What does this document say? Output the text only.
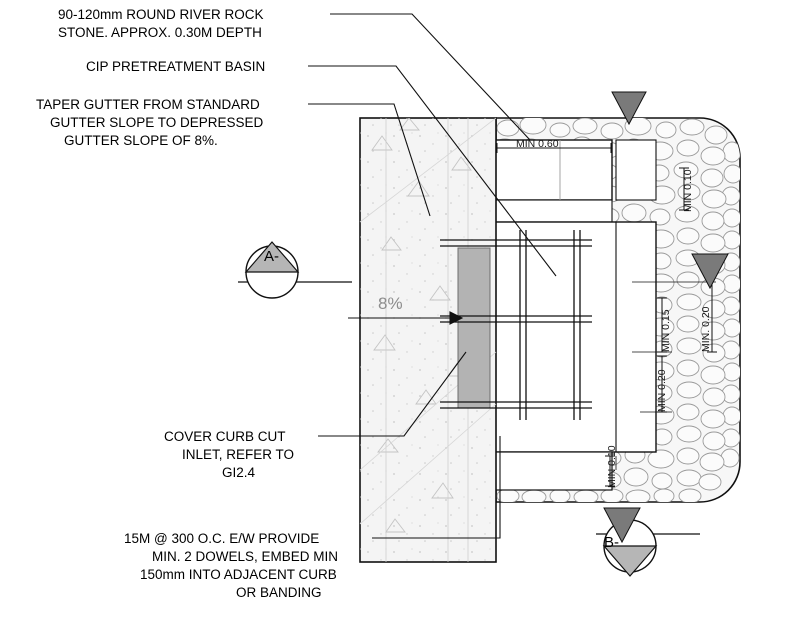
90-120mm ROUND RIVER ROCK
STONE. APPROX. 0.30M DEPTH
CIP PRETREATMENT BASIN
TAPER GUTTER FROM STANDARD
GUTTER SLOPE TO DEPRESSED
GUTTER SLOPE OF 8%.
COVER CURB CUT
INLET, REFER TO
GI2.4
15M @ 300 O.C. E/W PROVIDE
MIN. 2 DOWELS, EMBED MIN
150mm INTO ADJACENT CURB
OR BANDING
8%
MIN 0.60
MIN 0.10
MIN. 0.20
MIN 0.15
MIN 0.20
MIN 0.10
A-
B-
